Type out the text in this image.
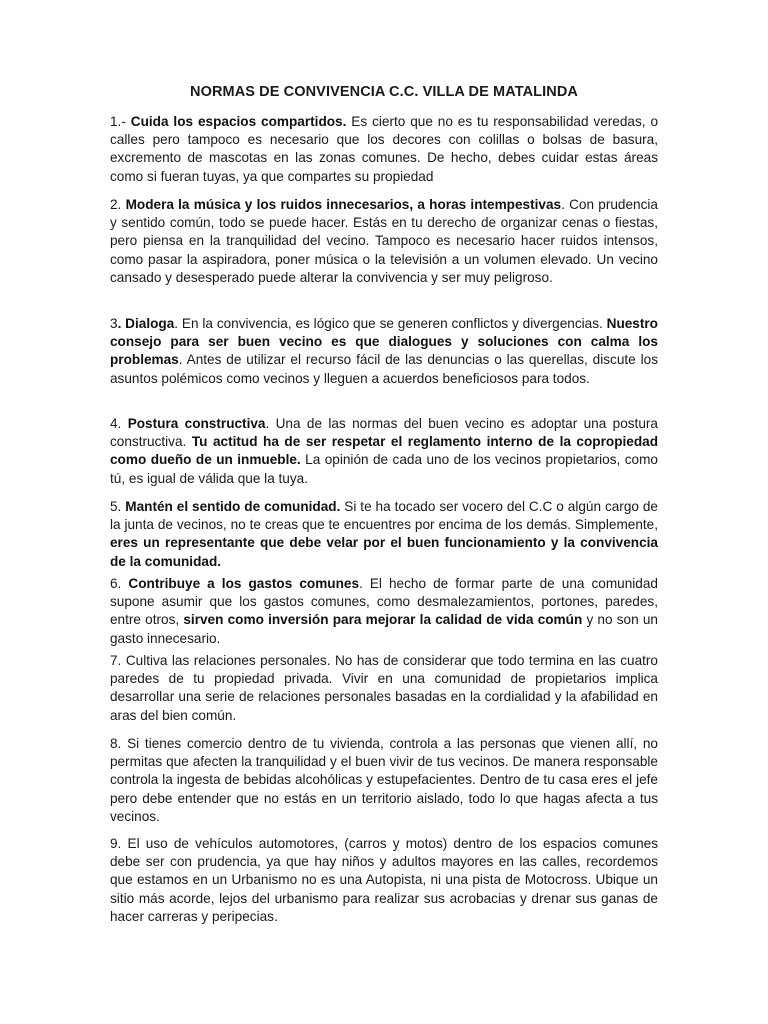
NORMAS DE CONVIVENCIA C.C. VILLA DE MATALINDA

1.- Cuida los espacios compartidos. Es cierto que no es tu responsabilidad veredas, o calles pero tampoco es necesario que los decores con colillas o bolsas de basura, excremento de mascotas en las zonas comunes. De hecho, debes cuidar estas áreas como si fueran tuyas, ya que compartes su propiedad

2. Modera la música y los ruidos innecesarios, a horas intempestivas. Con prudencia y sentido común, todo se puede hacer. Estás en tu derecho de organizar cenas o fiestas, pero piensa en la tranquilidad del vecino. Tampoco es necesario hacer ruidos intensos, como pasar la aspiradora, poner música o la televisión a un volumen elevado. Un vecino cansado y desesperado puede alterar la convivencia y ser muy peligroso.

3. Dialoga. En la convivencia, es lógico que se generen conflictos y divergencias. Nuestro consejo para ser buen vecino es que dialogues y soluciones con calma los problemas. Antes de utilizar el recurso fácil de las denuncias o las querellas, discute los asuntos polémicos como vecinos y lleguen a acuerdos beneficiosos para todos.

4. Postura constructiva. Una de las normas del buen vecino es adoptar una postura constructiva. Tu actitud ha de ser respetar el reglamento interno de la copropiedad como dueño de un inmueble. La opinión de cada uno de los vecinos propietarios, como tú, es igual de válida que la tuya.

5. Mantén el sentido de comunidad. Si te ha tocado ser vocero del C.C o algún cargo de la junta de vecinos, no te creas que te encuentres por encima de los demás. Simplemente, eres un representante que debe velar por el buen funcionamiento y la convivencia de la comunidad.

6. Contribuye a los gastos comunes. El hecho de formar parte de una comunidad supone asumir que los gastos comunes, como desmalezamientos, portones, paredes, entre otros, sirven como inversión para mejorar la calidad de vida común y no son un gasto innecesario.

7. Cultiva las relaciones personales. No has de considerar que todo termina en las cuatro paredes de tu propiedad privada. Vivir en una comunidad de propietarios implica desarrollar una serie de relaciones personales basadas en la cordialidad y la afabilidad en aras del bien común.

8. Si tienes comercio dentro de tu vivienda, controla a las personas que vienen allí, no permitas que afecten la tranquilidad y el buen vivir de tus vecinos. De manera responsable controla la ingesta de bebidas alcohólicas y estupefacientes. Dentro de tu casa eres el jefe pero debe entender que no estás en un territorio aislado, todo lo que hagas afecta a tus vecinos.

9. El uso de vehículos automotores, (carros y motos) dentro de los espacios comunes debe ser con prudencia, ya que hay niños y adultos mayores en las calles, recordemos que estamos en un Urbanismo no es una Autopista, ni una pista de Motocross. Ubique un sitio más acorde, lejos del urbanismo para realizar sus acrobacias y drenar sus ganas de hacer carreras y peripecias.
